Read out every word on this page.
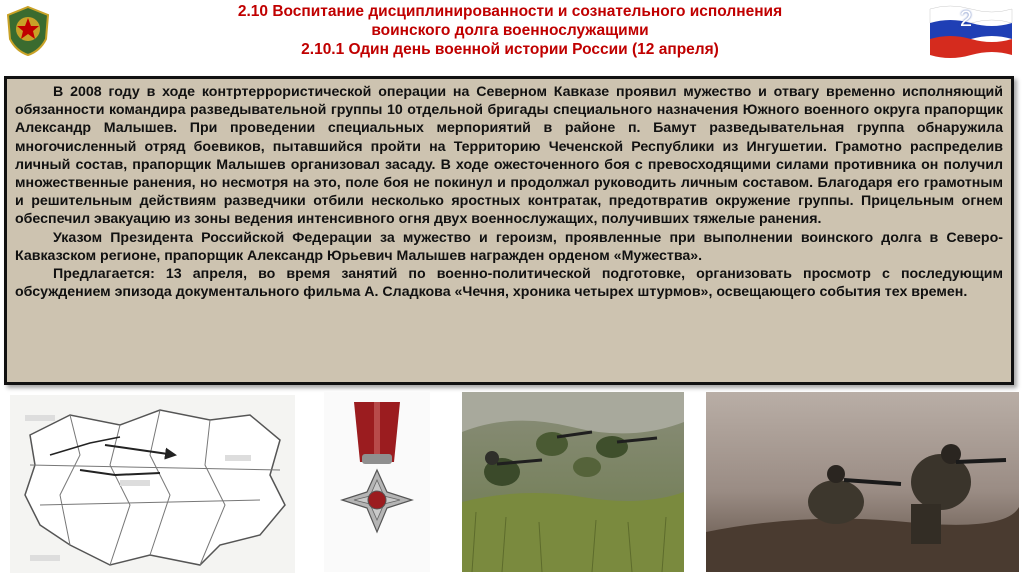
2.10 Воспитание дисциплинированности и сознательного исполнения
воинского долга военнослужащими
2.10.1 Один день военной истории России (12 апреля)
2

В 2008 году в ходе контртеррористической операции на Северном Кавказе проявил мужество и отвагу временно исполняющий обязанности командира разведывательной группы 10 отдельной бригады специального назначения Южного военного округа прапорщик Александр Малышев. При проведении специальных мерпориятий в районе п. Бамут разведывательная группа обнаружила многочисленный отряд боевиков, пытавшийся пройти на Территорию Чеченской Республики из Ингушетии. Грамотно распределив личный состав, прапорщик Малышев организовал засаду. В ходе ожесточенного боя с превосходящими силами противника он получил множественные ранения, но несмотря на это, поле боя не покинул и продолжал руководить личным составом. Благодаря его грамотным и решительным действиям разведчики отбили несколько яростных контратак, предотвратив окружение группы. Прицельным огнем обеспечил эвакуацию из зоны ведения интенсивного огня двух военнослужащих, получивших тяжелые ранения.

Указом Президента Российской Федерации за мужество и героизм, проявленные при выполнении воинского долга в Северо-Кавказском регионе, прапорщик Александр Юрьевич Малышев награжден орденом «Мужества».

Предлагается: 13 апреля, во время занятий по военно-политической подготовке, организовать просмотр с последующим обсуждением эпизода документального фильма А. Сладкова «Чечня, хроника четырех штурмов», освещающего события тех времен.
